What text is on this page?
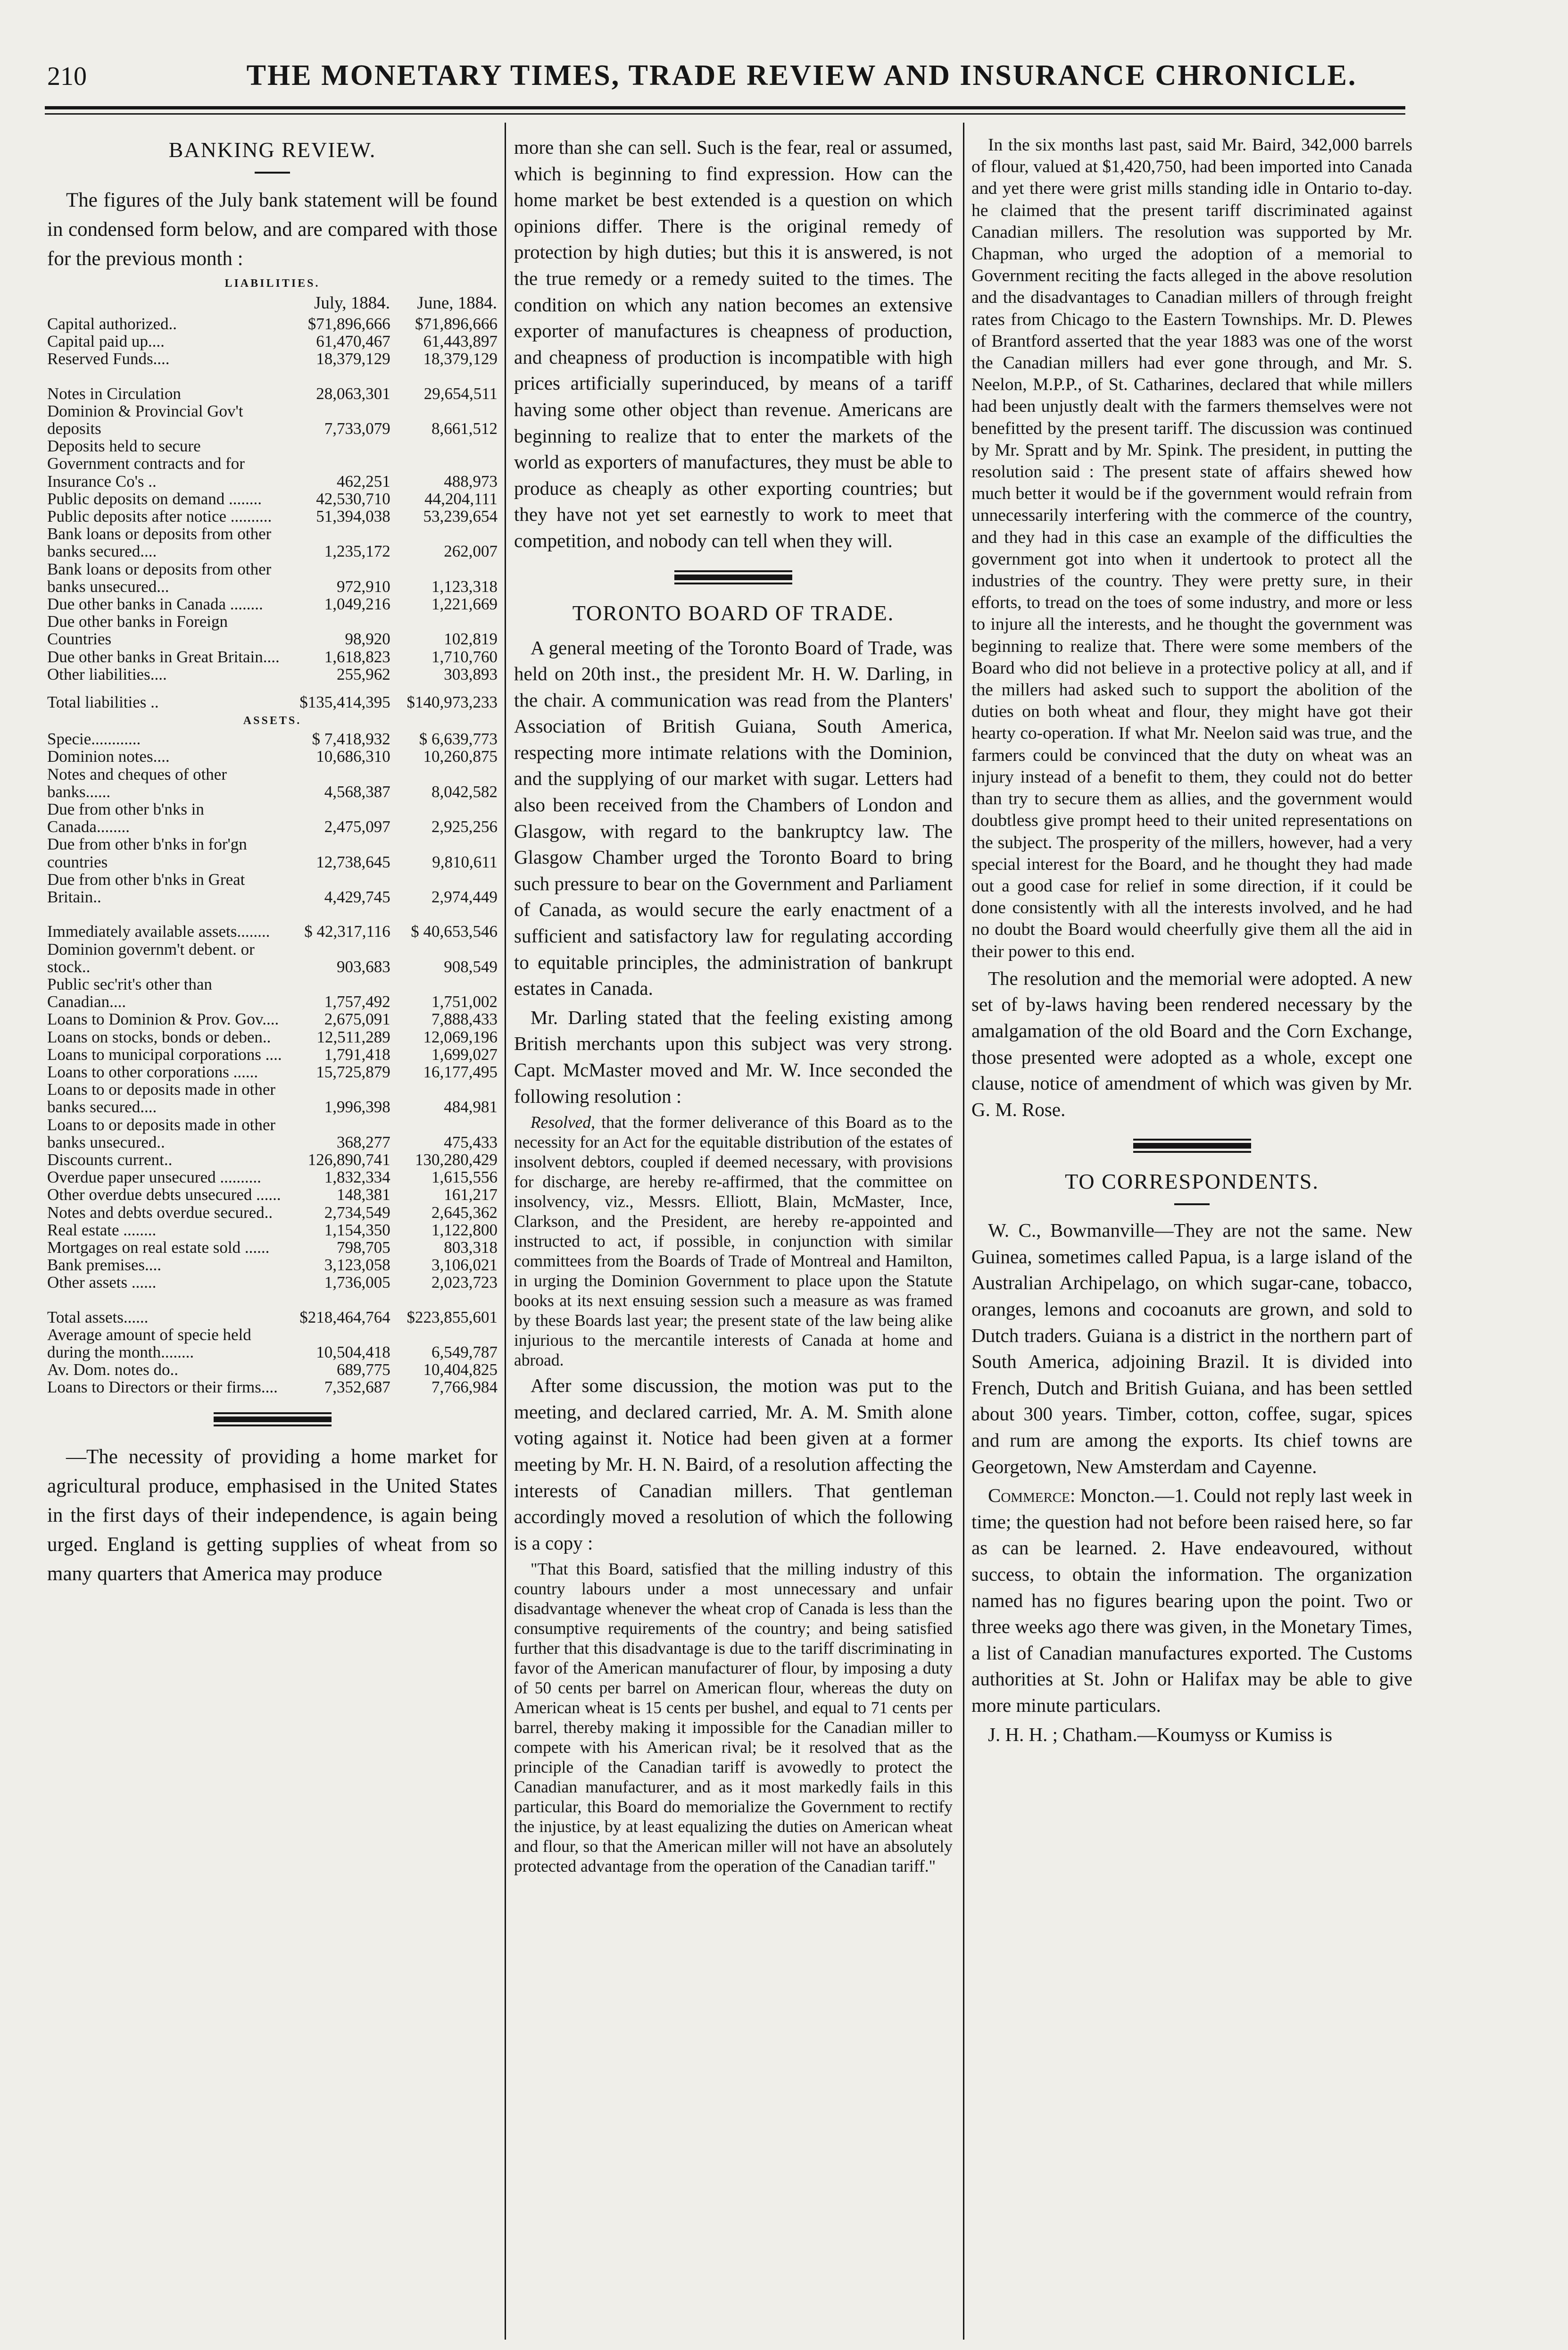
210	THE MONETARY TIMES, TRADE REVIEW AND INSURANCE CHRONICLE.
BANKING REVIEW.

The figures of the July bank statement will be found in condensed form below, and are compared with those for the previous month :

LIABILITIES.
July, 1884.	June, 1884.
Capital authorized..	$71,896,666	$71,896,666
Capital paid up....	61,470,467	61,443,897
Reserved Funds....	18,379,129	18,379,129
Notes in Circulation	28,063,301	29,654,511
Dominion & Provincial Gov't deposits	7,733,079	8,661,512
Deposits held to secure Government contracts and for Insurance Co's ..	462,251	488,973
Public deposits on demand ........	42,530,710	44,204,111
Public deposits after notice ..........	51,394,038	53,239,654
Bank loans or deposits from other banks secured....	1,235,172	262,007
Bank loans or deposits from other banks unsecured...	972,910	1,123,318
Due other banks in Canada ........	1,049,216	1,221,669
Due other banks in Foreign Countries	98,920	102,819
Due other banks in Great Britain....	1,618,823	1,710,760
Other liabilities....	255,962	303,893
Total liabilities ..	$135,414,395	$140,973,233
ASSETS.
Specie............	$ 7,418,932	$ 6,639,773
Dominion notes....	10,686,310	10,260,875
Notes and cheques of other banks......	4,568,387	8,042,582
Due from other b'nks in Canada........	2,475,097	2,925,256
Due from other b'nks in for'gn countries	12,738,645	9,810,611
Due from other b'nks in Great Britain..	4,429,745	2,974,449
Immediately available assets........	$ 42,317,116	$ 40,653,546
Dominion governm't debent. or stock..	903,683	908,549
Public sec'rit's other than Canadian....	1,757,492	1,751,002
Loans to Dominion & Prov. Gov....	2,675,091	7,888,433
Loans on stocks, bonds or deben..	12,511,289	12,069,196
Loans to municipal corporations ....	1,791,418	1,699,027
Loans to other corporations ......	15,725,879	16,177,495
Loans to or deposits made in other banks secured....	1,996,398	484,981
Loans to or deposits made in other banks unsecured..	368,277	475,433
Discounts current..	126,890,741	130,280,429
Overdue paper unsecured ..........	1,832,334	1,615,556
Other overdue debts unsecured ......	148,381	161,217
Notes and debts overdue secured..	2,734,549	2,645,362
Real estate ........	1,154,350	1,122,800
Mortgages on real estate sold ......	798,705	803,318
Bank premises....	3,123,058	3,106,021
Other assets ......	1,736,005	2,023,723
Total assets......	$218,464,764	$223,855,601
Average amount of specie held during the month........	10,504,418	6,549,787
Av. Dom. notes do..	689,775	10,404,825
Loans to Directors or their firms....	7,352,687	7,766,984

—The necessity of providing a home market for agricultural produce, emphasised in the United States in the first days of their independence, is again being urged. England is getting supplies of wheat from so many quarters that America may produce

more than she can sell. Such is the fear, real or assumed, which is beginning to find expression. How can the home market be best extended is a question on which opinions differ. There is the original remedy of protection by high duties; but this it is answered, is not the true remedy or a remedy suited to the times. The condition on which any nation becomes an extensive exporter of manufactures is cheapness of production, and cheapness of production is incompatible with high prices artificially superinduced, by means of a tariff having some other object than revenue. Americans are beginning to realize that to enter the markets of the world as exporters of manufactures, they must be able to produce as cheaply as other exporting countries; but they have not yet set earnestly to work to meet that competition, and nobody can tell when they will.

TORONTO BOARD OF TRADE.

A general meeting of the Toronto Board of Trade, was held on 20th inst., the president Mr. H. W. Darling, in the chair. A communication was read from the Planters' Association of British Guiana, South America, respecting more intimate relations with the Dominion, and the supplying of our market with sugar. Letters had also been received from the Chambers of London and Glasgow, with regard to the bankruptcy law. The Glasgow Chamber urged the Toronto Board to bring such pressure to bear on the Government and Parliament of Canada, as would secure the early enactment of a sufficient and satisfactory law for regulating according to equitable principles, the administration of bankrupt estates in Canada.

Mr. Darling stated that the feeling existing among British merchants upon this subject was very strong. Capt. McMaster moved and Mr. W. Ince seconded the following resolution :

Resolved, that the former deliverance of this Board as to the necessity for an Act for the equitable distribution of the estates of insolvent debtors, coupled if deemed necessary, with provisions for discharge, are hereby re-affirmed, that the committee on insolvency, viz., Messrs. Elliott, Blain, McMaster, Ince, Clarkson, and the President, are hereby re-appointed and instructed to act, if possible, in conjunction with similar committees from the Boards of Trade of Montreal and Hamilton, in urging the Dominion Government to place upon the Statute books at its next ensuing session such a measure as was framed by these Boards last year; the present state of the law being alike injurious to the mercantile interests of Canada at home and abroad.

After some discussion, the motion was put to the meeting, and declared carried, Mr. A. M. Smith alone voting against it. Notice had been given at a former meeting by Mr. H. N. Baird, of a resolution affecting the interests of Canadian millers. That gentleman accordingly moved a resolution of which the following is a copy :

"That this Board, satisfied that the milling industry of this country labours under a most unnecessary and unfair disadvantage whenever the wheat crop of Canada is less than the consumptive requirements of the country; and being satisfied further that this disadvantage is due to the tariff discriminating in favor of the American manufacturer of flour, by imposing a duty of 50 cents per barrel on American flour, whereas the duty on American wheat is 15 cents per bushel, and equal to 71 cents per barrel, thereby making it impossible for the Canadian miller to compete with his American rival; be it resolved that as the principle of the Canadian tariff is avowedly to protect the Canadian manufacturer, and as it most markedly fails in this particular, this Board do memorialize the Government to rectify the injustice, by at least equalizing the duties on American wheat and flour, so that the American miller will not have an absolutely protected advantage from the operation of the Canadian tariff."

In the six months last past, said Mr. Baird, 342,000 barrels of flour, valued at $1,420,750, had been imported into Canada and yet there were grist mills standing idle in Ontario to-day. he claimed that the present tariff discriminated against Canadian millers. The resolution was supported by Mr. Chapman, who urged the adoption of a memorial to Government reciting the facts alleged in the above resolution and the disadvantages to Canadian millers of through freight rates from Chicago to the Eastern Townships. Mr. D. Plewes of Brantford asserted that the year 1883 was one of the worst the Canadian millers had ever gone through, and Mr. S. Neelon, M.P.P., of St. Catharines, declared that while millers had been unjustly dealt with the farmers themselves were not benefitted by the present tariff. The discussion was continued by Mr. Spratt and by Mr. Spink. The president, in putting the resolution said : The present state of affairs shewed how much better it would be if the government would refrain from unnecessarily interfering with the commerce of the country, and they had in this case an example of the difficulties the government got into when it undertook to protect all the industries of the country. They were pretty sure, in their efforts, to tread on the toes of some industry, and more or less to injure all the interests, and he thought the government was beginning to realize that. There were some members of the Board who did not believe in a protective policy at all, and if the millers had asked such to support the abolition of the duties on both wheat and flour, they might have got their hearty co-operation. If what Mr. Neelon said was true, and the farmers could be convinced that the duty on wheat was an injury instead of a benefit to them, they could not do better than try to secure them as allies, and the government would doubtless give prompt heed to their united representations on the subject. The prosperity of the millers, however, had a very special interest for the Board, and he thought they had made out a good case for relief in some direction, if it could be done consistently with all the interests involved, and he had no doubt the Board would cheerfully give them all the aid in their power to this end.

The resolution and the memorial were adopted. A new set of by-laws having been rendered necessary by the amalgamation of the old Board and the Corn Exchange, those presented were adopted as a whole, except one clause, notice of amendment of which was given by Mr. G. M. Rose.

TO CORRESPONDENTS.

W. C., Bowmanville—They are not the same. New Guinea, sometimes called Papua, is a large island of the Australian Archipelago, on which sugar-cane, tobacco, oranges, lemons and cocoanuts are grown, and sold to Dutch traders. Guiana is a district in the northern part of South America, adjoining Brazil. It is divided into French, Dutch and British Guiana, and has been settled about 300 years. Timber, cotton, coffee, sugar, spices and rum are among the exports. Its chief towns are Georgetown, New Amsterdam and Cayenne.

Commerce: Moncton.—1. Could not reply last week in time; the question had not before been raised here, so far as can be learned. 2. Have endeavoured, without success, to obtain the information. The organization named has no figures bearing upon the point. Two or three weeks ago there was given, in the Monetary Times, a list of Canadian manufactures exported. The Customs authorities at St. John or Halifax may be able to give more minute particulars.

J. H. H. ; Chatham.—Koumyss or Kumiss is
